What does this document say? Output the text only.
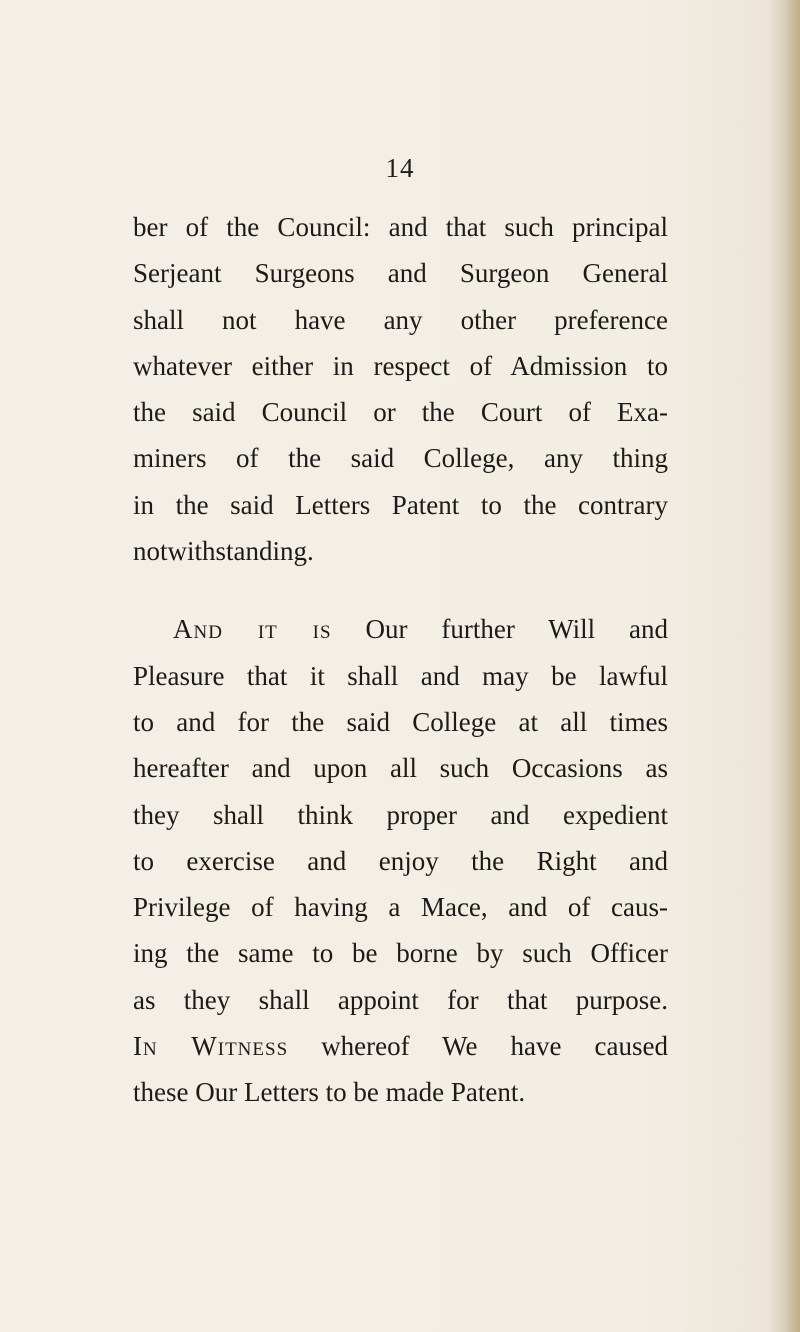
14
ber of the Council: and that such principal
Serjeant Surgeons and Surgeon General
shall not have any other preference
whatever either in respect of Admission to
the said Council or the Court of Exa-
miners of the said College, any thing
in the said Letters Patent to the contrary
notwithstanding.
And it is Our further Will and
Pleasure that it shall and may be lawful
to and for the said College at all times
hereafter and upon all such Occasions as
they shall think proper and expedient
to exercise and enjoy the Right and
Privilege of having a Mace, and of caus-
ing the same to be borne by such Officer
as they shall appoint for that purpose.
In Witness whereof We have caused
these Our Letters to be made Patent.
